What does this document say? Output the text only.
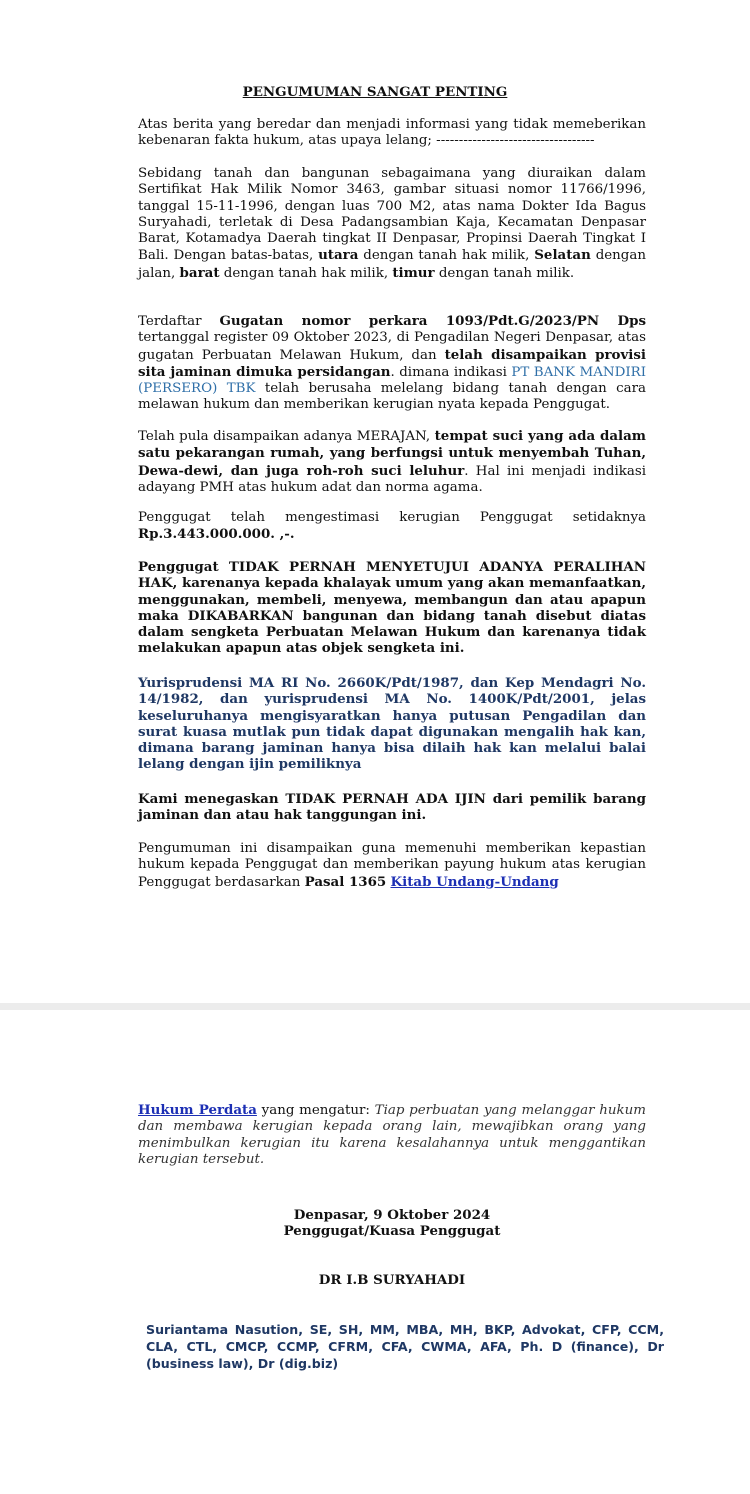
PENGUMUMAN SANGAT PENTING

Atas berita yang beredar dan menjadi informasi yang tidak memeberikan kebenaran fakta hukum, atas upaya lelang; -----------------------------------

Sebidang tanah dan bangunan sebagaimana yang diuraikan dalam Sertifikat Hak Milik Nomor 3463, gambar situasi nomor 11766/1996, tanggal 15-11-1996, dengan luas 700 M2, atas nama Dokter Ida Bagus Suryahadi, terletak di Desa Padangsambian Kaja, Kecamatan Denpasar Barat, Kotamadya Daerah tingkat II Denpasar, Propinsi Daerah Tingkat I Bali. Dengan batas-batas, utara dengan tanah hak milik, Selatan dengan jalan, barat dengan tanah hak milik, timur dengan tanah milik.

Terdaftar Gugatan nomor perkara 1093/Pdt.G/2023/PN Dps tertanggal register 09 Oktober 2023, di Pengadilan Negeri Denpasar, atas gugatan Perbuatan Melawan Hukum, dan telah disampaikan provisi sita jaminan dimuka persidangan. dimana indikasi PT BANK MANDIRI (PERSERO) TBK telah berusaha melelang bidang tanah dengan cara melawan hukum dan memberikan kerugian nyata kepada Penggugat.

Telah pula disampaikan adanya MERAJAN, tempat suci yang ada dalam satu pekarangan rumah, yang berfungsi untuk menyembah Tuhan, Dewa-dewi, dan juga roh-roh suci leluhur. Hal ini menjadi indikasi adayang PMH atas hukum adat dan norma agama.

Penggugat telah mengestimasi kerugian Penggugat setidaknya Rp.3.443.000.000. ,-.

Penggugat TIDAK PERNAH MENYETUJUI ADANYA PERALIHAN HAK, karenanya kepada khalayak umum yang akan memanfaatkan, menggunakan, membeli, menyewa, membangun dan atau apapun maka DIKABARKAN bangunan dan bidang tanah disebut diatas dalam sengketa Perbuatan Melawan Hukum dan karenanya tidak melakukan apapun atas objek sengketa ini.

Yurisprudensi MA RI No. 2660K/Pdt/1987, dan Kep Mendagri No. 14/1982, dan yurisprudensi MA No. 1400K/Pdt/2001, jelas keseluruhanya mengisyaratkan hanya putusan Pengadilan dan surat kuasa mutlak pun tidak dapat digunakan mengalih hak kan, dimana barang jaminan hanya bisa dilaih hak kan melalui balai lelang dengan ijin pemiliknya

Kami menegaskan TIDAK PERNAH ADA IJIN dari pemilik barang jaminan dan atau hak tanggungan ini.

Pengumuman ini disampaikan guna memenuhi memberikan kepastian hukum kepada Penggugat dan memberikan payung hukum atas kerugian Penggugat berdasarkan Pasal 1365 Kitab Undang-Undang

Hukum Perdata yang mengatur: Tiap perbuatan yang melanggar hukum dan membawa kerugian kepada orang lain, mewajibkan orang yang menimbulkan kerugian itu karena kesalahannya untuk menggantikan kerugian tersebut.

Denpasar, 9 Oktober 2024

Penggugat/Kuasa Penggugat

DR I.B SURYAHADI

Suriantama Nasution, SE, SH, MM, MBA, MH, BKP, Advokat, CFP, CCM, CLA, CTL, CMCP, CCMP, CFRM, CFA, CWMA, AFA, Ph. D (finance), Dr (business law), Dr (dig.biz)
